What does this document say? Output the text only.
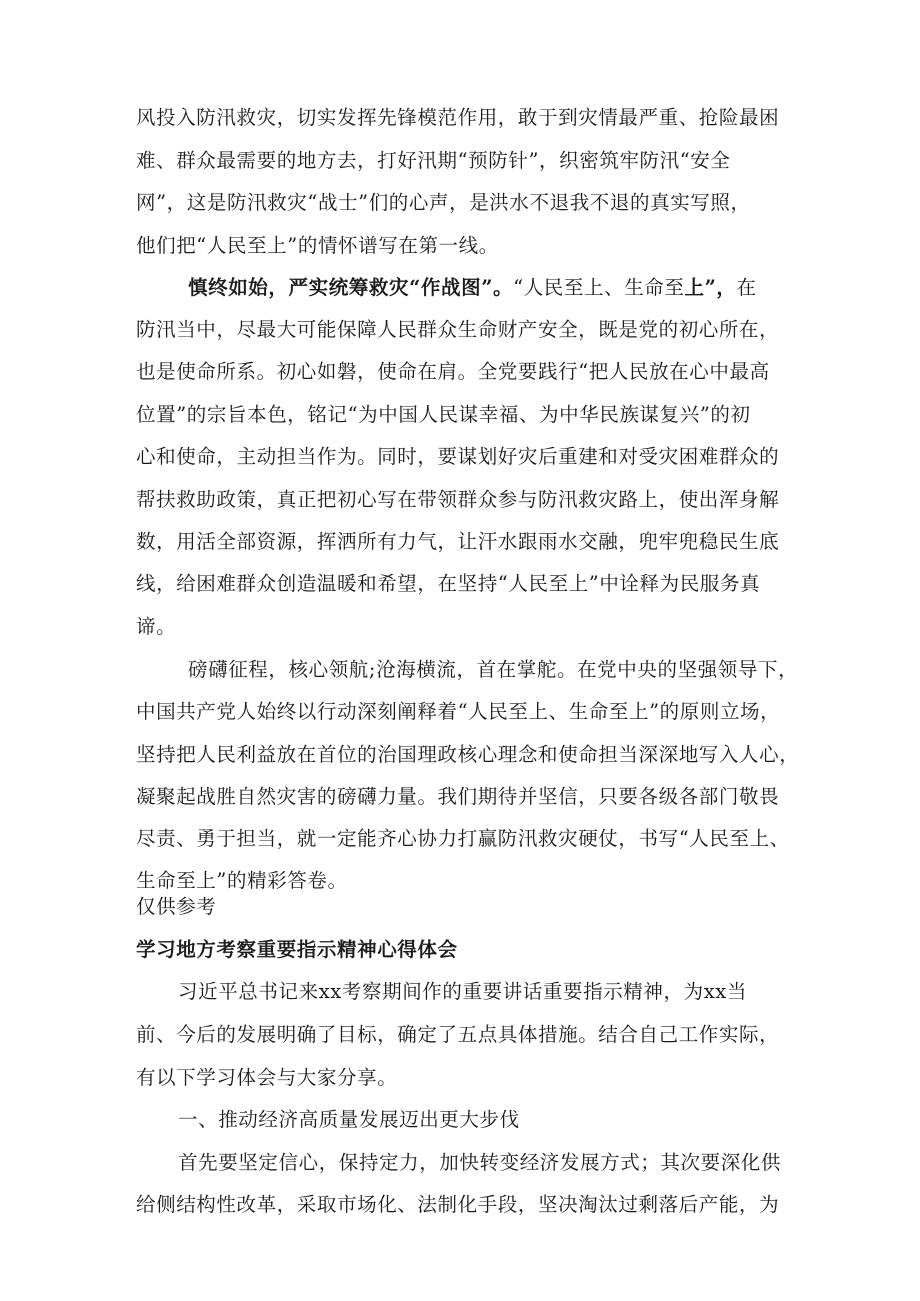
风投入防汛救灾，切实发挥先锋模范作用，敢于到灾情最严重、抢险最困
难、群众最需要的地方去，打好汛期“预防针”，织密筑牢防汛“安全
网”，这是防汛救灾“战士”们的心声，是洪水不退我不退的真实写照，
他们把“人民至上”的情怀谱写在第一线。
慎终如始，严实统筹救灾“作战图”。“人民至上、生命至上”，在
防汛当中，尽最大可能保障人民群众生命财产安全，既是党的初心所在，
也是使命所系。初心如磐，使命在肩。全党要践行“把人民放在心中最高
位置”的宗旨本色，铭记“为中国人民谋幸福、为中华民族谋复兴”的初
心和使命，主动担当作为。同时，要谋划好灾后重建和对受灾困难群众的
帮扶救助政策，真正把初心写在带领群众参与防汛救灾路上，使出浑身解
数，用活全部资源，挥洒所有力气，让汗水跟雨水交融，兜牢兜稳民生底
线，给困难群众创造温暖和希望，在坚持“人民至上”中诠释为民服务真
谛。
磅礴征程，核心领航;沧海横流，首在掌舵。在党中央的坚强领导下，
中国共产党人始终以行动深刻阐释着“人民至上、生命至上”的原则立场，
坚持把人民利益放在首位的治国理政核心理念和使命担当深深地写入人心，
凝聚起战胜自然灾害的磅礴力量。我们期待并坚信，只要各级各部门敬畏
尽责、勇于担当，就一定能齐心协力打赢防汛救灾硬仗，书写“人民至上、
生命至上”的精彩答卷。
仅供参考
学习地方考察重要指示精神心得体会
习近平总书记来xx考察期间作的重要讲话重要指示精神，为xx当
前、今后的发展明确了目标，确定了五点具体措施。结合自己工作实际，
有以下学习体会与大家分享。
一、推动经济高质量发展迈出更大步伐
首先要坚定信心，保持定力，加快转变经济发展方式；其次要深化供
给侧结构性改革，采取市场化、法制化手段，坚决淘汰过剩落后产能，为
